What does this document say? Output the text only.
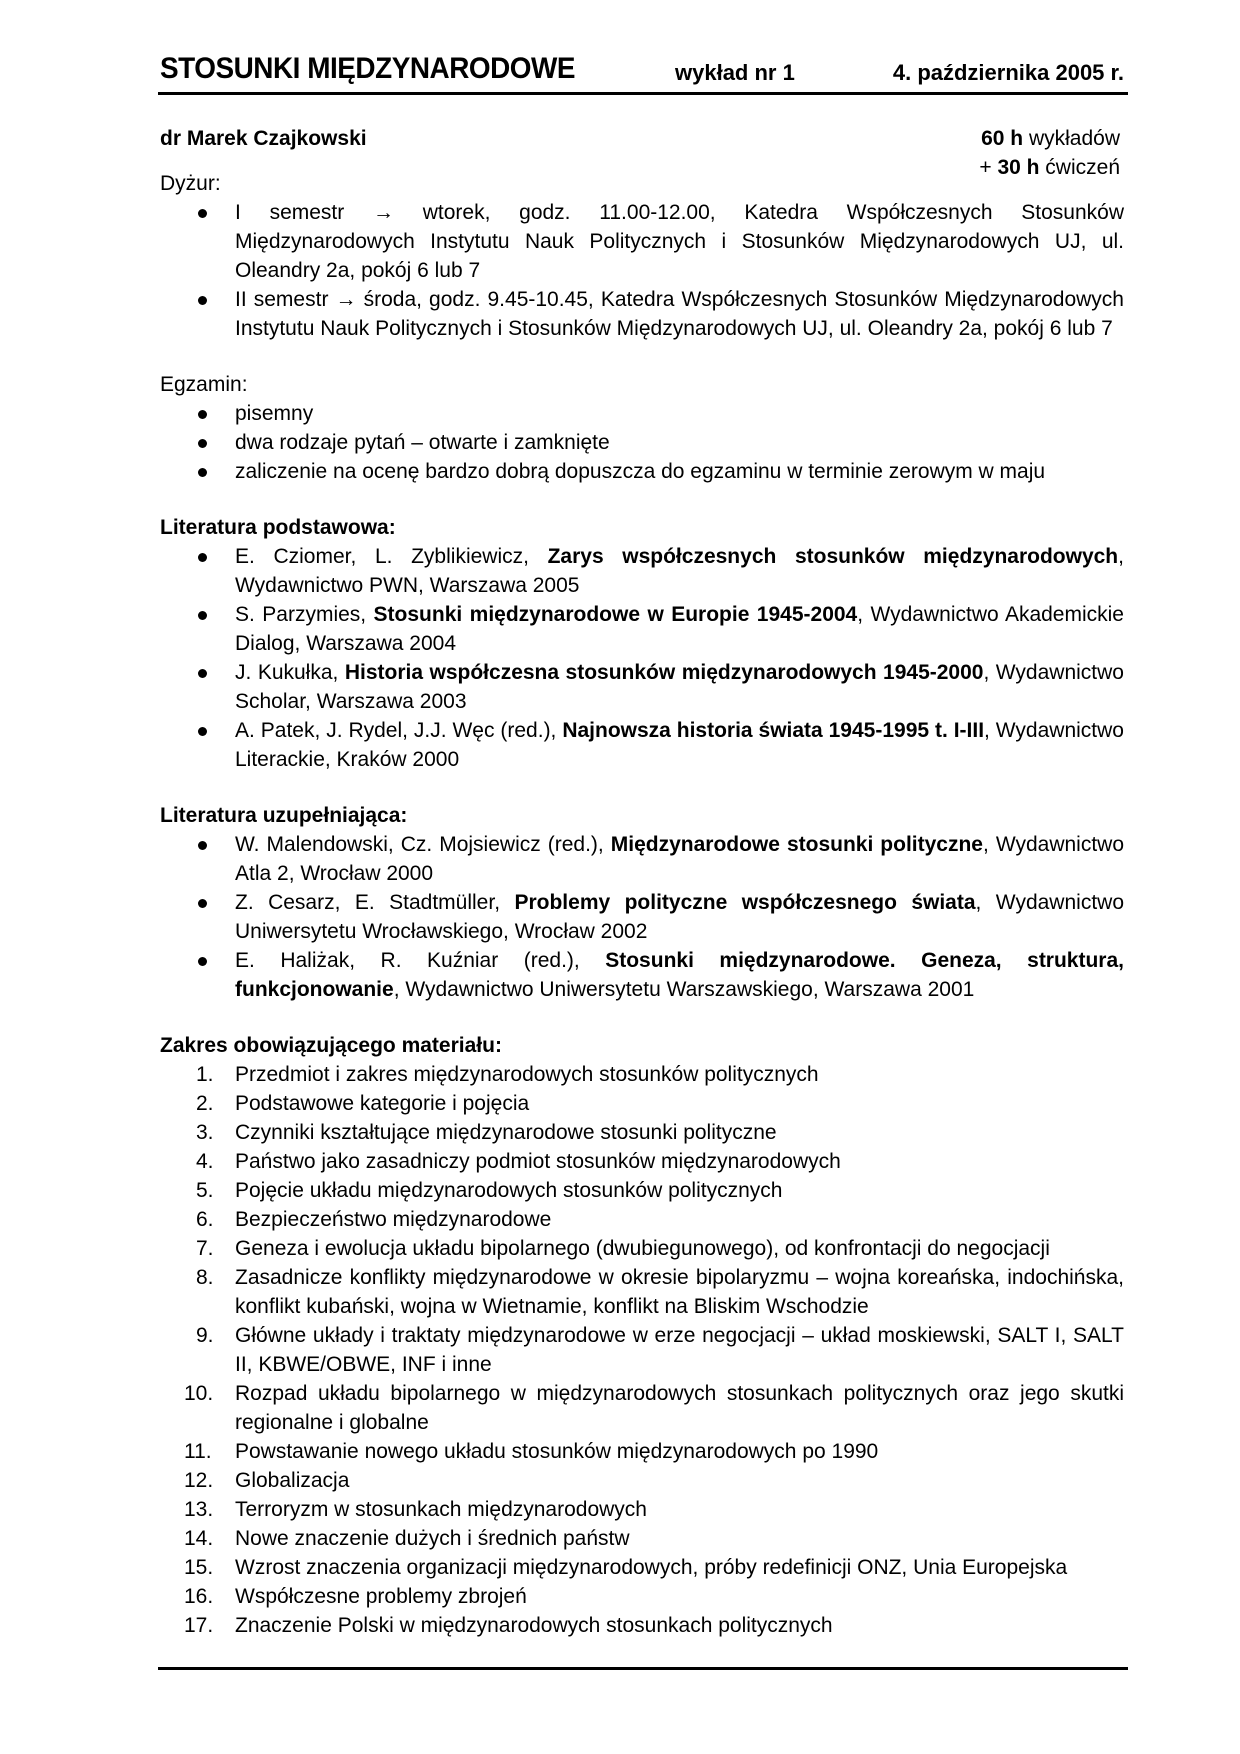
STOSUNKI MIĘDZYNARODOWE	wykład nr 1	4. października 2005 r.
dr Marek Czajkowski	60 h wykładów
+ 30 h ćwiczeń

Dyżur:

I semestr → wtorek, godz. 11.00-12.00, Katedra Współczesnych Stosunków Międzynarodowych Instytutu Nauk Politycznych i Stosunków Międzynarodowych UJ, ul. Oleandry 2a, pokój 6 lub 7
II semestr → środa, godz. 9.45-10.45, Katedra Współczesnych Stosunków Międzynarodowych Instytutu Nauk Politycznych i Stosunków Międzynarodowych UJ, ul. Oleandry 2a, pokój 6 lub 7

Egzamin:

pisemny
dwa rodzaje pytań – otwarte i zamknięte
zaliczenie na ocenę bardzo dobrą dopuszcza do egzaminu w terminie zerowym w maju

Literatura podstawowa:

E. Cziomer, L. Zyblikiewicz, Zarys współczesnych stosunków międzynarodowych, Wydawnictwo PWN, Warszawa 2005
S. Parzymies, Stosunki międzynarodowe w Europie 1945-2004, Wydawnictwo Akademickie Dialog, Warszawa 2004
J. Kukułka, Historia współczesna stosunków międzynarodowych 1945-2000, Wydawnictwo Scholar, Warszawa 2003
A. Patek, J. Rydel, J.J. Węc (red.), Najnowsza historia świata 1945-1995 t. I-III, Wydawnictwo Literackie, Kraków 2000

Literatura uzupełniająca:

W. Malendowski, Cz. Mojsiewicz (red.), Międzynarodowe stosunki polityczne, Wydawnictwo Atla 2, Wrocław 2000
Z. Cesarz, E. Stadtmüller, Problemy polityczne współczesnego świata, Wydawnictwo Uniwersytetu Wrocławskiego, Wrocław 2002
E. Haliżak, R. Kuźniar (red.), Stosunki międzynarodowe. Geneza, struktura, funkcjonowanie, Wydawnictwo Uniwersytetu Warszawskiego, Warszawa 2001

Zakres obowiązującego materiału:

1. Przedmiot i zakres międzynarodowych stosunków politycznych
2. Podstawowe kategorie i pojęcia
3. Czynniki kształtujące międzynarodowe stosunki polityczne
4. Państwo jako zasadniczy podmiot stosunków międzynarodowych
5. Pojęcie układu międzynarodowych stosunków politycznych
6. Bezpieczeństwo międzynarodowe
7. Geneza i ewolucja układu bipolarnego (dwubiegunowego), od konfrontacji do negocjacji
8. Zasadnicze konflikty międzynarodowe w okresie bipolaryzmu – wojna koreańska, indochińska, konflikt kubański, wojna w Wietnamie, konflikt na Bliskim Wschodzie
9. Główne układy i traktaty międzynarodowe w erze negocjacji – układ moskiewski, SALT I, SALT II, KBWE/OBWE, INF i inne
10. Rozpad układu bipolarnego w międzynarodowych stosunkach politycznych oraz jego skutki regionalne i globalne
11. Powstawanie nowego układu stosunków międzynarodowych po 1990
12. Globalizacja
13. Terroryzm w stosunkach międzynarodowych
14. Nowe znaczenie dużych i średnich państw
15. Wzrost znaczenia organizacji międzynarodowych, próby redefinicji ONZ, Unia Europejska
16. Współczesne problemy zbrojeń
17. Znaczenie Polski w międzynarodowych stosunkach politycznych
